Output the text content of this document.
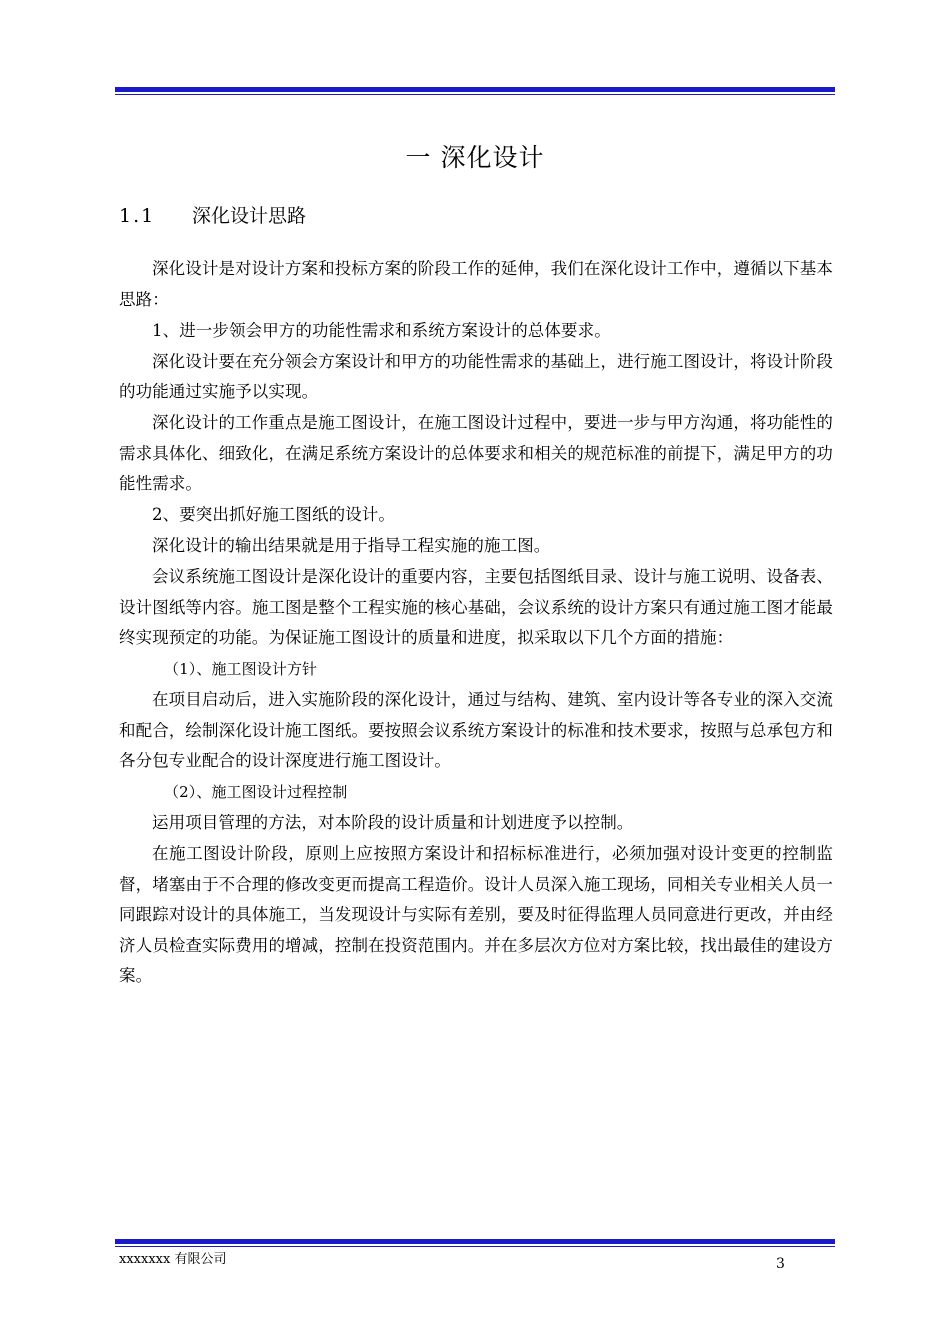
一 深化设计
1.1 深化设计思路

深化设计是对设计方案和投标方案的阶段工作的延伸，我们在深化设计工作中，遵循以下基本思路：

1、进一步领会甲方的功能性需求和系统方案设计的总体要求。

深化设计要在充分领会方案设计和甲方的功能性需求的基础上，进行施工图设计，将设计阶段的功能通过实施予以实现。

深化设计的工作重点是施工图设计，在施工图设计过程中，要进一步与甲方沟通，将功能性的需求具体化、细致化，在满足系统方案设计的总体要求和相关的规范标准的前提下，满足甲方的功能性需求。

2、要突出抓好施工图纸的设计。

深化设计的输出结果就是用于指导工程实施的施工图。

会议系统施工图设计是深化设计的重要内容，主要包括图纸目录、设计与施工说明、设备表、设计图纸等内容。施工图是整个工程实施的核心基础，会议系统的设计方案只有通过施工图才能最终实现预定的功能。为保证施工图设计的质量和进度，拟采取以下几个方面的措施：

（1）、施工图设计方针

在项目启动后，进入实施阶段的深化设计，通过与结构、建筑、室内设计等各专业的深入交流和配合，绘制深化设计施工图纸。要按照会议系统方案设计的标准和技术要求，按照与总承包方和各分包专业配合的设计深度进行施工图设计。

（2）、施工图设计过程控制

运用项目管理的方法，对本阶段的设计质量和计划进度予以控制。

在施工图设计阶段，原则上应按照方案设计和招标标准进行，必须加强对设计变更的控制监督，堵塞由于不合理的修改变更而提高工程造价。设计人员深入施工现场，同相关专业相关人员一同跟踪对设计的具体施工，当发现设计与实际有差别，要及时征得监理人员同意进行更改，并由经济人员检查实际费用的增减，控制在投资范围内。并在多层次方位对方案比较，找出最佳的建设方案。

xxxxxxx 有限公司	3
